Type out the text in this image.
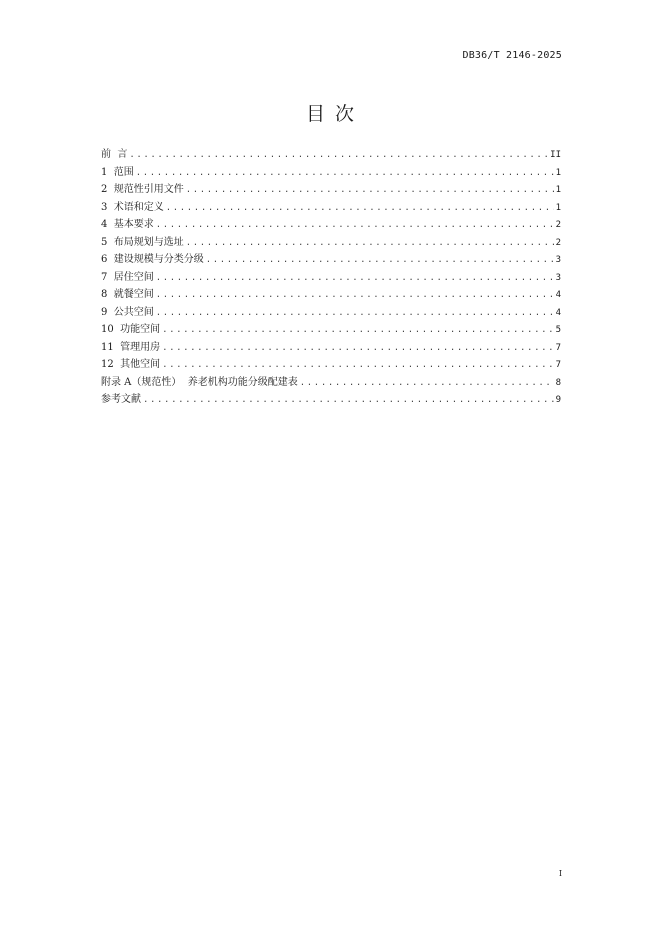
DB36/T 2146-2025
目 次
前  言 .....	II
1  范围 .....	1
2  规范性引用文件 .....	1
3  术语和定义 .....	1
4  基本要求 .....	2
5  布局规划与选址 .....	2
6  建设规模与分类分级 .....	3
7  居住空间 .....	3
8  就餐空间 .....	4
9  公共空间 .....	4
10  功能空间 .....	5
11  管理用房 .....	7
12  其他空间 .....	7
附录 A（规范性）  养老机构功能分级配建表 .....	8
参考文献 .....	9
I
